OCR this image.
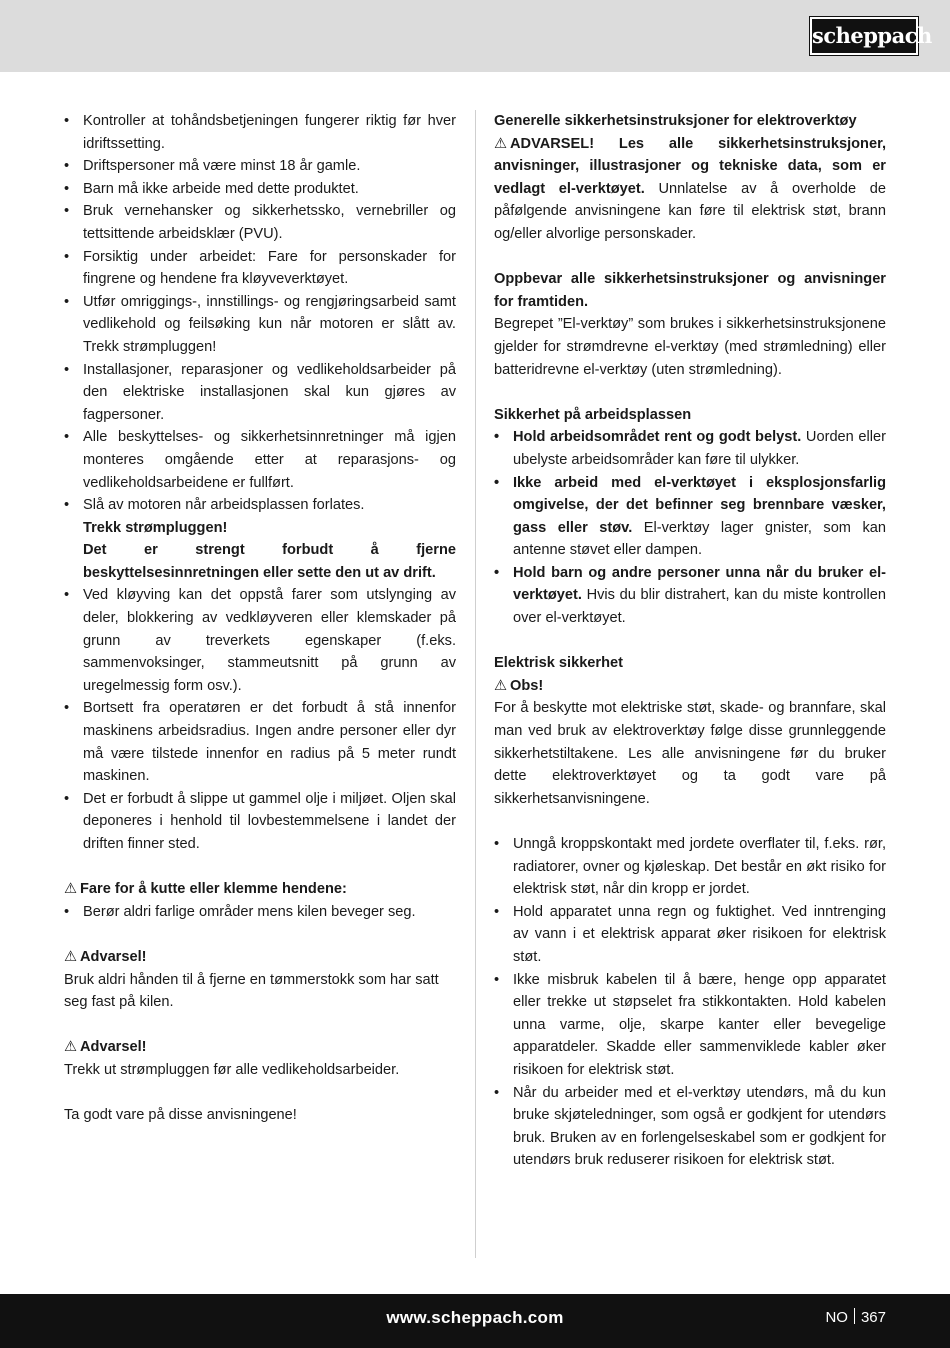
scheppach
• Kontroller at tohåndsbetjeningen fungerer riktig før hver idriftssetting.
• Driftspersoner må være minst 18 år gamle.
• Barn må ikke arbeide med dette produktet.
• Bruk vernehansker og sikkerhetssko, vernebriller og tettsittende arbeidsklær (PVU).
• Forsiktig under arbeidet: Fare for personskader for fingrene og hendene fra kløyveverktøyet.
• Utfør omriggings-, innstillings- og rengjøringsarbeid samt vedlikehold og feilsøking kun når motoren er slått av. Trekk strømpluggen!
• Installasjoner, reparasjoner og vedlikeholdsarbeider på den elektriske installasjonen skal kun gjøres av fagpersoner.
• Alle beskyttelses- og sikkerhetsinnretninger må igjen monteres omgående etter at reparasjons- og vedlikeholdsarbeidene er fullført.
• Slå av motoren når arbeidsplassen forlates.
Trekk strømpluggen!
Det er strengt forbudt å fjerne beskyttelsesinnretningen eller sette den ut av drift.
• Ved kløyving kan det oppstå farer som utslynging av deler, blokkering av vedkløyveren eller klemskader på grunn av treverkets egenskaper (f.eks. sammenvoksinger, stammeutsnitt på grunn av uregelmessig form osv.).
• Bortsett fra operatøren er det forbudt å stå innenfor maskinens arbeidsradius. Ingen andre personer eller dyr må være tilstede innenfor en radius på 5 meter rundt maskinen.
• Det er forbudt å slippe ut gammel olje i miljøet. Oljen skal deponeres i henhold til lovbestemmelsene i landet der driften finner sted.

⚠ Fare for å kutte eller klemme hendene:

• Berør aldri farlige områder mens kilen beveger seg.

⚠ Advarsel!

Bruk aldri hånden til å fjerne en tømmerstokk som har satt seg fast på kilen.

⚠ Advarsel!

Trekk ut strømpluggen før alle vedlikeholdsarbeider.

Ta godt vare på disse anvisningene!

Generelle sikkerhetsinstruksjoner for elektroverktøy

⚠ ADVARSEL! Les alle sikkerhetsinstruksjoner, anvisninger, illustrasjoner og tekniske data, som er vedlagt el-verktøyet. Unnlatelse av å overholde de påfølgende anvisningene kan føre til elektrisk støt, brann og/eller alvorlige personskader.

Oppbevar alle sikkerhetsinstruksjoner og anvisninger for framtiden.

Begrepet ”El-verktøy” som brukes i sikkerhetsinstruksjonene gjelder for strømdrevne el-verktøy (med strømledning) eller batteridrevne el-verktøy (uten strømledning).

Sikkerhet på arbeidsplassen

• Hold arbeidsområdet rent og godt belyst. Uorden eller ubelyste arbeidsområder kan føre til ulykker.
• Ikke arbeid med el-verktøyet i eksplosjonsfarlig omgivelse, der det befinner seg brennbare væsker, gass eller støv. El-verktøy lager gnister, som kan antenne støvet eller dampen.
• Hold barn og andre personer unna når du bruker el-verktøyet. Hvis du blir distrahert, kan du miste kontrollen over el-verktøyet.

Elektrisk sikkerhet

⚠ Obs!

For å beskytte mot elektriske støt, skade- og brannfare, skal man ved bruk av elektroverktøy følge disse grunnleggende sikkerhetstiltakene. Les alle anvisningene før du bruker dette elektroverktøyet og ta godt vare på sikkerhetsanvisningene.

• Unngå kroppskontakt med jordete overflater til, f.eks. rør, radiatorer, ovner og kjøleskap. Det består en økt risiko for elektrisk støt, når din kropp er jordet.
• Hold apparatet unna regn og fuktighet. Ved inntrenging av vann i et elektrisk apparat øker risikoen for elektrisk støt.
• Ikke misbruk kabelen til å bære, henge opp apparatet eller trekke ut støpselet fra stikkontakten. Hold kabelen unna varme, olje, skarpe kanter eller bevegelige apparatdeler. Skadde eller sammenviklede kabler øker risikoen for elektrisk støt.
• Når du arbeider med et el-verktøy utendørs, må du kun bruke skjøteledninger, som også er godkjent for utendørs bruk. Bruken av en forlengelseskabel som er godkjent for utendørs bruk reduserer risikoen for elektrisk støt.
www.scheppach.com	NO 367
